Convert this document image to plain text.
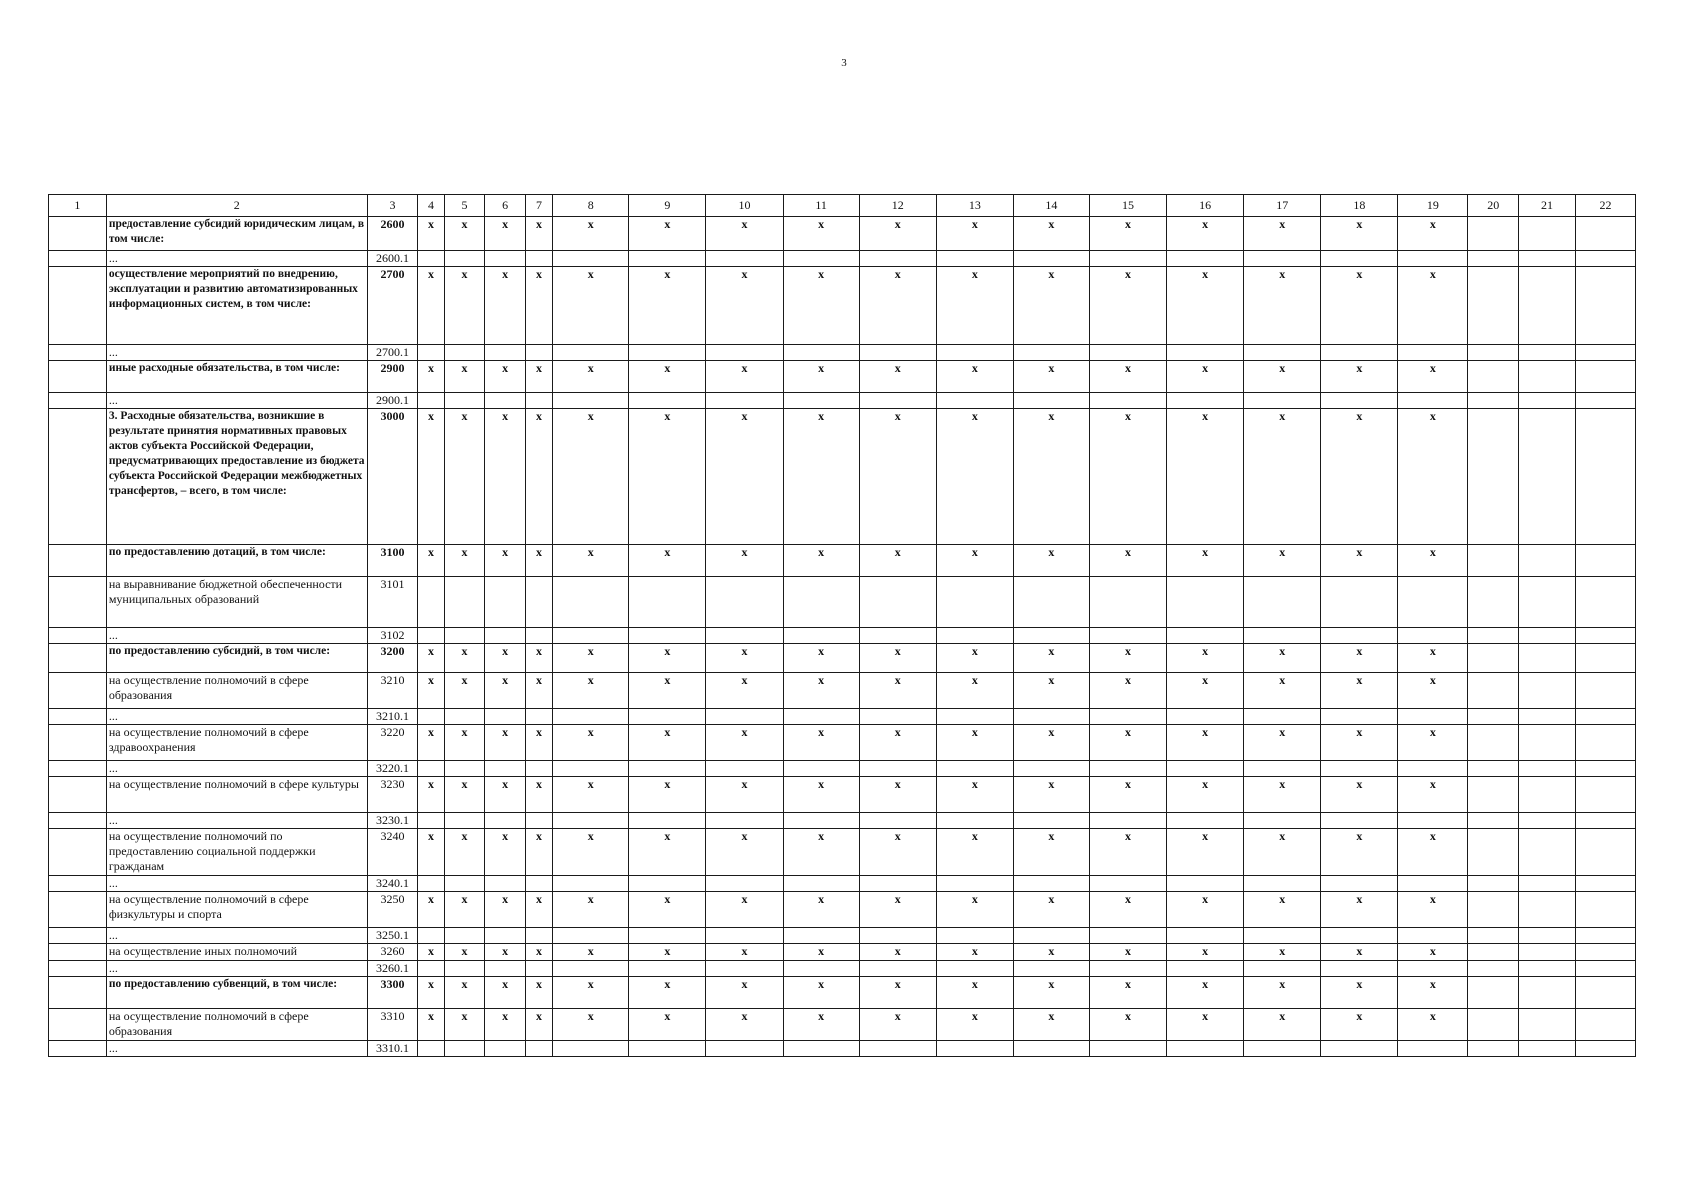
3
1	2	3	4	5	6	7	8	9	10	11	12	13	14	15	16	17	18	19	20	21	22
	предоставление субсидий юридическим лицам, в том числе:	2600	x	x	x	x	x	x	x	x	x	x	x	x	x	x	x	x			
	...	2600.1																			
	осуществление мероприятий по внедрению, эксплуатации и развитию автоматизированных информационных систем, в том числе:	2700	x	x	x	x	x	x	x	x	x	x	x	x	x	x	x	x			
	...	2700.1																			
	иные расходные обязательства, в том числе:	2900	x	x	x	x	x	x	x	x	x	x	x	x	x	x	x	x			
	...	2900.1																			
	3. Расходные обязательства, возникшие в результате принятия нормативных правовых актов субъекта Российской Федерации, предусматривающих предоставление из бюджета субъекта Российской Федерации межбюджетных трансфертов, – всего, в том числе:	3000	x	x	x	x	x	x	x	x	x	x	x	x	x	x	x	x			
	по предоставлению дотаций, в том числе:	3100	x	x	x	x	x	x	x	x	x	x	x	x	x	x	x	x			
	на выравнивание бюджетной обеспеченности муниципальных образований	3101																			
	...	3102																			
	по предоставлению субсидий, в том числе:	3200	x	x	x	x	x	x	x	x	x	x	x	x	x	x	x	x			
	на осуществление полномочий в сфере образования	3210	x	x	x	x	x	x	x	x	x	x	x	x	x	x	x	x			
	...	3210.1																			
	на осуществление полномочий в сфере здравоохранения	3220	x	x	x	x	x	x	x	x	x	x	x	x	x	x	x	x			
	...	3220.1																			
	на осуществление полномочий в сфере культуры	3230	x	x	x	x	x	x	x	x	x	x	x	x	x	x	x	x			
	...	3230.1																			
	на осуществление полномочий по предоставлению социальной поддержки гражданам	3240	x	x	x	x	x	x	x	x	x	x	x	x	x	x	x	x			
	...	3240.1																			
	на осуществление полномочий в сфере физкультуры и спорта	3250	x	x	x	x	x	x	x	x	x	x	x	x	x	x	x	x			
	...	3250.1																			
	на осуществление иных полномочий	3260	x	x	x	x	x	x	x	x	x	x	x	x	x	x	x	x			
	...	3260.1																			
	по предоставлению субвенций, в том числе:	3300	x	x	x	x	x	x	x	x	x	x	x	x	x	x	x	x			
	на осуществление полномочий в сфере образования	3310	x	x	x	x	x	x	x	x	x	x	x	x	x	x	x	x			
	...	3310.1																			
